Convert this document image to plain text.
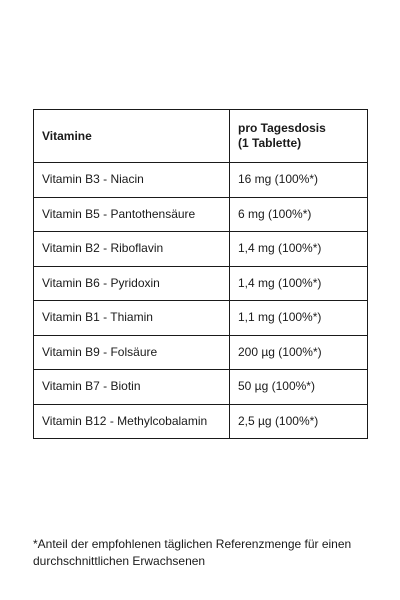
Vitamine	pro Tagesdosis
(1 Tablette)

Vitamin B3 - Niacin	16 mg (100%*)
Vitamin B5 - Pantothensäure	6 mg (100%*)
Vitamin B2 - Riboflavin	1,4 mg (100%*)
Vitamin B6 - Pyridoxin	1,4 mg (100%*)
Vitamin B1 - Thiamin	1,1 mg (100%*)
Vitamin B9 - Folsäure	200 µg (100%*)
Vitamin B7 - Biotin	50 µg (100%*)
Vitamin B12 - Methylcobalamin	2,5 µg (100%*)

*Anteil der empfohlenen täglichen Referenzmenge für einen
durchschnittlichen Erwachsenen
